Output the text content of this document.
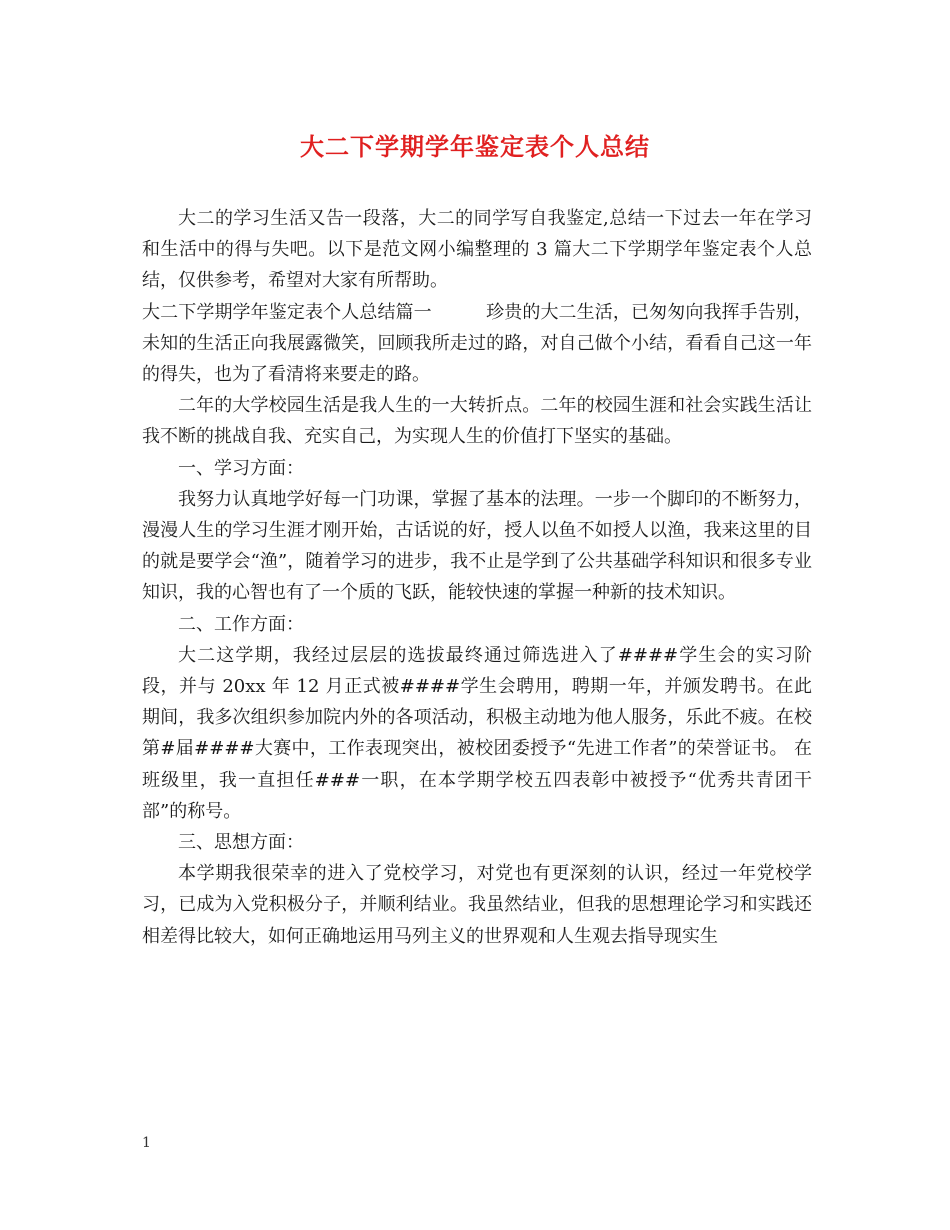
大二下学期学年鉴定表个人总结

大二的学习生活又告一段落，大二的同学写自我鉴定,总结一下过去一年在学习和生活中的得与失吧。以下是范文网小编整理的 3 篇大二下学期学年鉴定表个人总结，仅供参考，希望对大家有所帮助。

大二下学期学年鉴定表个人总结篇一　　　珍贵的大二生活，已匆匆向我挥手告别，未知的生活正向我展露微笑，回顾我所走过的路，对自己做个小结，看看自己这一年的得失，也为了看清将来要走的路。

二年的大学校园生活是我人生的一大转折点。二年的校园生涯和社会实践生活让我不断的挑战自我、充实自己，为实现人生的价值打下坚实的基础。

一、学习方面：

我努力认真地学好每一门功课，掌握了基本的法理。一步一个脚印的不断努力，漫漫人生的学习生涯才刚开始，古话说的好，授人以鱼不如授人以渔，我来这里的目的就是要学会“渔”，随着学习的进步，我不止是学到了公共基础学科知识和很多专业知识，我的心智也有了一个质的飞跃，能较快速的掌握一种新的技术知识。

二、工作方面：

大二这学期，我经过层层的选拔最终通过筛选进入了####学生会的实习阶段，并与 20xx 年 12 月正式被####学生会聘用，聘期一年，并颁发聘书。在此期间，我多次组织参加院内外的各项活动，积极主动地为他人服务，乐此不疲。在校第#届####大赛中，工作表现突出，被校团委授予“先进工作者”的荣誉证书。 在班级里，我一直担任###一职，在本学期学校五四表彰中被授予“优秀共青团干部”的称号。

三、思想方面：

本学期我很荣幸的进入了党校学习，对党也有更深刻的认识，经过一年党校学习，已成为入党积极分子，并顺利结业。我虽然结业，但我的思想理论学习和实践还相差得比较大，如何正确地运用马列主义的世界观和人生观去指导现实生

1
